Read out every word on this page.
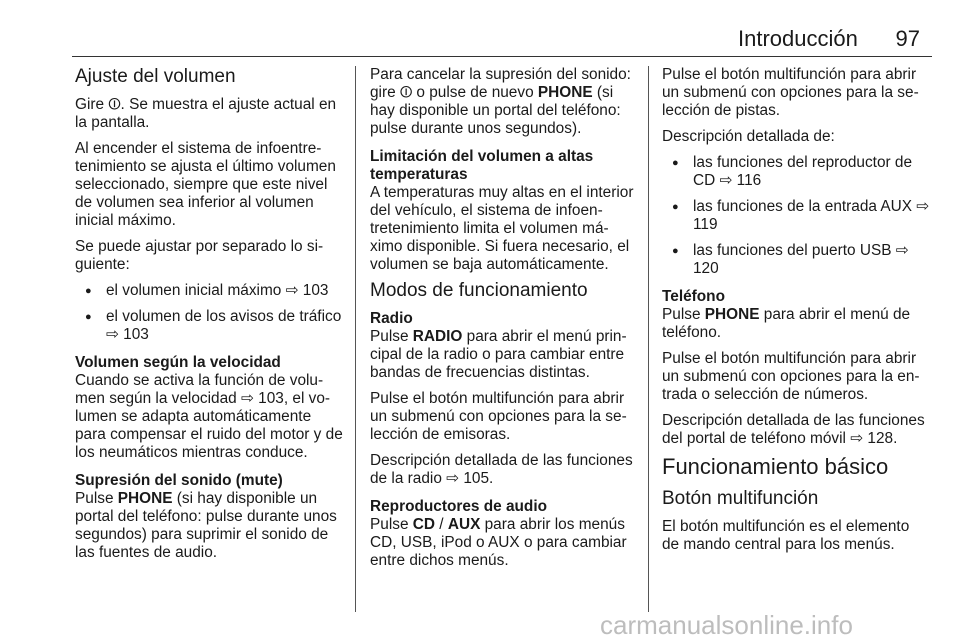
Introducción	97
Ajuste del volumen

Gire ⏼. Se muestra el ajuste actual en la pantalla.

Al encender el sistema de infoentretenimiento se ajusta el último volumen seleccionado, siempre que este nivel de volumen sea inferior al volumen inicial máximo.

Se puede ajustar por separado lo siguiente:

● el volumen inicial máximo ⇨ 103
● el volumen de los avisos de tráfico ⇨ 103
Volumen según la velocidad

Cuando se activa la función de volumen según la velocidad ⇨ 103, el volumen se adapta automáticamente para compensar el ruido del motor y de los neumáticos mientras conduce.

Supresión del sonido (mute)

Pulse PHONE (si hay disponible un portal del teléfono: pulse durante unos segundos) para suprimir el sonido de las fuentes de audio.

Para cancelar la supresión del sonido: gire ⏼ o pulse de nuevo PHONE (si hay disponible un portal del teléfono: pulse durante unos segundos).

Limitación del volumen a altas temperaturas

A temperaturas muy altas en el interior del vehículo, el sistema de infoentretenimiento limita el volumen máximo disponible. Si fuera necesario, el volumen se baja automáticamente.

Modos de funcionamiento
Radio

Pulse RADIO para abrir el menú principal de la radio o para cambiar entre bandas de frecuencias distintas.

Pulse el botón multifunción para abrir un submenú con opciones para la selección de emisoras.

Descripción detallada de las funciones de la radio ⇨ 105.

Reproductores de audio

Pulse CD / AUX para abrir los menús CD, USB, iPod o AUX o para cambiar entre dichos menús.

Pulse el botón multifunción para abrir un submenú con opciones para la selección de pistas.

Descripción detallada de:

● las funciones del reproductor de CD ⇨ 116
● las funciones de la entrada AUX ⇨ 119
● las funciones del puerto USB ⇨ 120
Teléfono

Pulse PHONE para abrir el menú de teléfono.

Pulse el botón multifunción para abrir un submenú con opciones para la entrada o selección de números.

Descripción detallada de las funciones del portal de teléfono móvil ⇨ 128.

Funcionamiento básico
Botón multifunción

El botón multifunción es el elemento de mando central para los menús.

carmanualsonline.info
